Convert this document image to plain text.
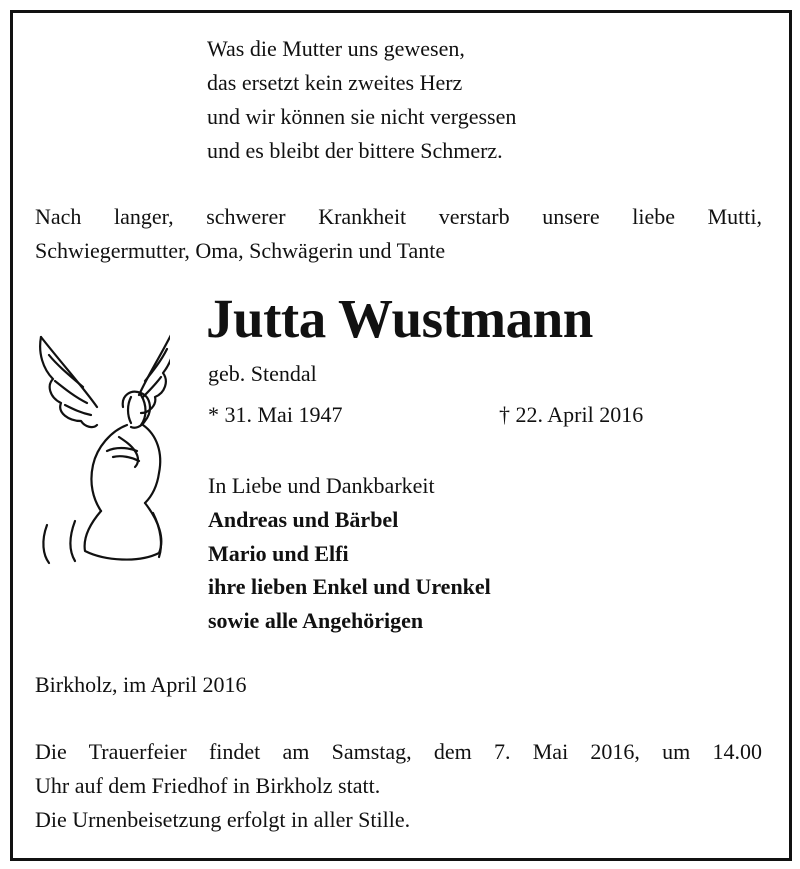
Was die Mutter uns gewesen,
das ersetzt kein zweites Herz
und wir können sie nicht vergessen
und es bleibt der bittere Schmerz.
Nach langer, schwerer Krankheit verstarb unsere liebe Mutti,
Schwiegermutter, Oma, Schwägerin und Tante
Jutta Wustmann
geb. Stendal
* 31. Mai 1947	† 22. April 2016
In Liebe und Dankbarkeit
Andreas und Bärbel
Mario und Elfi
ihre lieben Enkel und Urenkel
sowie alle Angehörigen
Birkholz, im April 2016
Die Trauerfeier findet am Samstag, dem 7. Mai 2016, um 14.00
Uhr auf dem Friedhof in Birkholz statt.
Die Urnenbeisetzung erfolgt in aller Stille.
